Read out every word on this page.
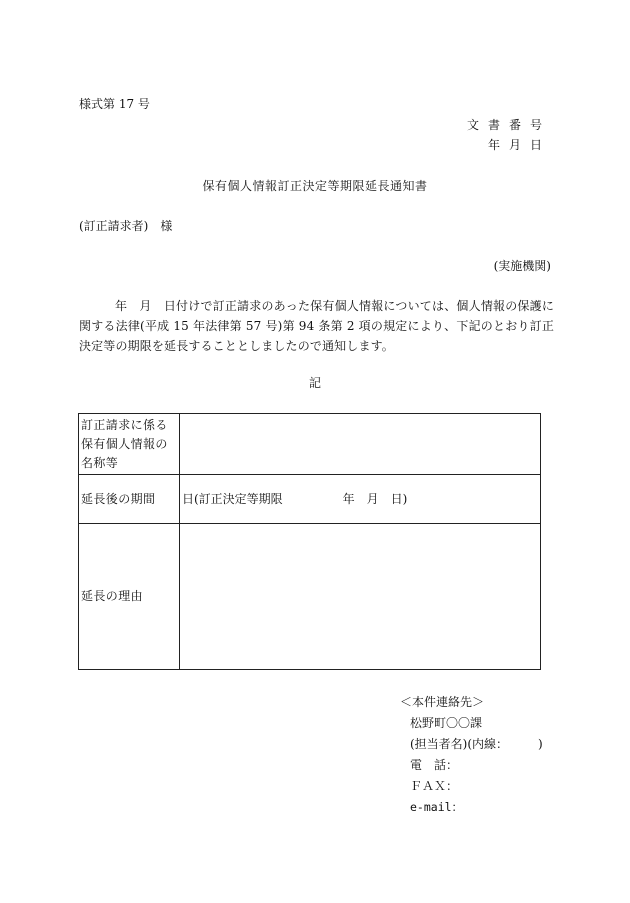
様式第 17 号
文書番号
年月日
保有個人情報訂正決定等期限延長通知書
(訂正請求者)　様
(実施機関)
年　月　日付けで訂正請求のあった保有個人情報については、個人情報の保護に関する法律(平成 15 年法律第 57 号)第 94 条第 2 項の規定により、下記のとおり訂正決定等の期限を延長することとしましたので通知します。
記
訂正請求に係る保有個人情報の名称等	
延長後の期間	日(訂正決定等期限　　　　　年　月　日)
延長の理由	
＜本件連絡先＞
松野町〇〇課
(担当者名)(内線：　　　)
電　話：
ＦＡＸ：
e-mail：
